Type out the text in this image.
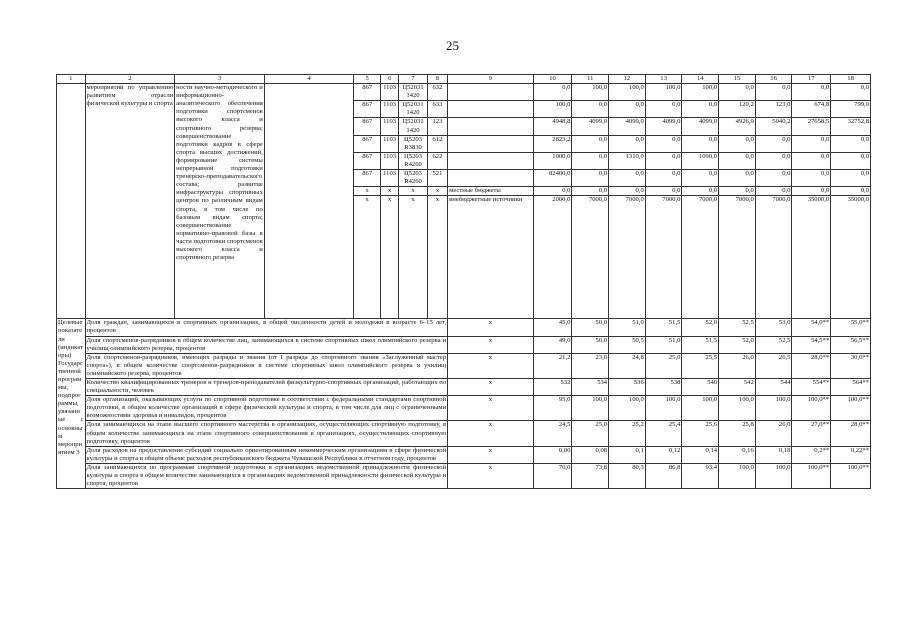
25
1	2	3	4	5	6	7	8	9	10	11	12	13	14	15	16	17	18
	мероприятий по управлению развитием отрасли физической культуры и спорта	ности научно-методического и информационно-аналитического обеспечения подготовки спортсменов высокого класса и спортивного резерва; совершенствование подготовки кадров в сфере спорта высших достижений, формирование системы непрерывной подготовки тренерско-преподавательского состава; развитие инфраструктуры спортивных центров по различным видам спорта, в том числе по базовым видам спорта; совершенствование нормативно-правовой базы в части подготовки спортсменов высокого класса и спортивного резерва		867	1103	Ц52031 1420	632		0,0	100,0	100,0	100,0	100,0	0,0	0,0	0,0	0,0
				867	1103	Ц52031 1420	633		100,0	0,0	0,0	0,0	0,0	120,2	123,0	674,8	799,0
				867	1103	Ц52031 1420	123		4948,8	4099,0	4099,0	4099,0	4099,0	4926,9	5040,2	27658,5	32752,8
				867	1103	Ц5203 R3830	612		2823,2	0,0	0,0	0,0	0,0	0,0	0,0	0,0	0,0
				867	1103	Ц5203 R4260	622		1000,0	0,0	1310,0	0,0	1090,0	0,0	0,0	0,0	0,0
				867	1103	Ц5203 R4260	521		82400,0	0,0	0,0	0,0	0,0	0,0	0,0	0,0	0,0
				x	x	x	x	местные бюджеты	0,0	0,0	0,0	0,0	0,0	0,0	0,0	0,0	0,0
				x	x	x	x	внебюджетные источники	2000,0	7000,0	7000,0	7000,0	7000,0	7000,0	7000,0	35000,0	35000,0
Целевые показатели (индикаторы) Государственной программы, подпрограммы, увязанные с основным мероприятием 3	Доля граждан, занимающихся в спортивных организациях, в общей численности детей и молодежи в возрасте 6–15 лет, процентов							х	45,0	50,0	51,0	51,5	52,0	52,5	53,0	54,0**	55,0**
	Доля спортсменов-разрядников в общем количестве лиц, занимающихся в системе спортивных школ олимпийского резерва и училищ олимпийского резерва, процентов							х	49,0	50,0	50,5	51,0	51,5	52,0	52,5	54,5**	56,5**
	Доля спортсменов-разрядников, имеющих разряды и звания (от I разряда до спортивного звания «Заслуженный мастер спорта»), в общем количестве спортсменов-разрядников в системе спортивных школ олимпийского резерва и училищ олимпийского резерва, процентов							х	21,2	23,0	24,8	25,0	25,5	26,0	26,5	28,0**	30,0**
	Количество квалифицированных тренеров и тренеров-преподавателей физкультурно-спортивных организаций, работающих по специальности, человек							х	532	534	536	538	540	542	544	554**	564**
	Доля организаций, оказывающих услуги по спортивной подготовке в соответствии с федеральными стандартами спортивной подготовки, в общем количестве организаций в сфере физической культуры и спорта, в том числе для лиц с ограниченными возможностями здоровья и инвалидов, процентов							х	95,0	100,0	100,0	100,0	100,0	100,0	100,0	100,0**	100,0**
	Доля занимающихся на этапе высшего спортивного мастерства в организациях, осуществляющих спортивную подготовку, в общем количестве занимающихся на этапе спортивного совершенствования в организациях, осуществляющих спортивную подготовку, процентов							х	24,5	25,0	25,2	25,4	25,6	25,8	26,0	27,0**	28,0**
	Доля расходов на предоставление субсидий социально ориентированным некоммерческим организациям в сфере физической культуры и спорта в общем объеме расходов республиканского бюджета Чувашской Республики в отчетном году, процентов							х	0,06	0,08	0,1	0,12	0,14	0,16	0,18	0,2**	0,22**
	Доля занимающихся по программам спортивной подготовки в организациях ведомственной принадлежности физической культуры и спорта в общем количестве занимающихся в организациях ведомственной принадлежности физической культуры и спорта, процентов							х	70,0	73,8	80,3	86,8	93,4	100,0	100,0	100,0**	100,0**
